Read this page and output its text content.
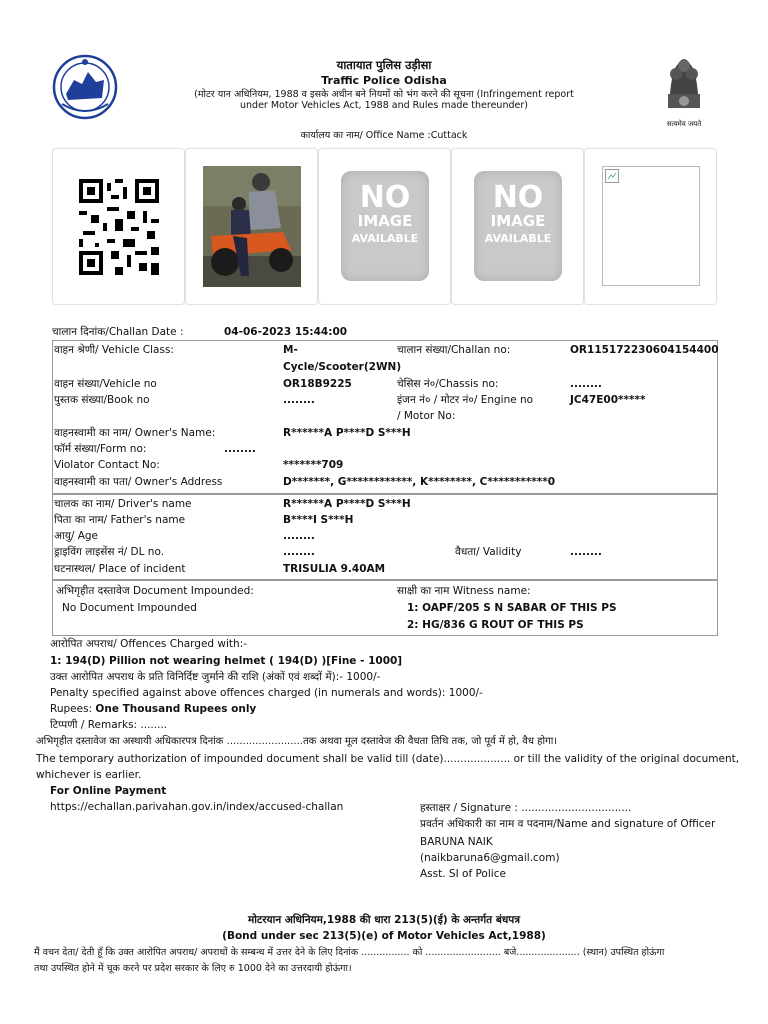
सत्यमेव जयते
यातायात पुलिस उड़ीसा
Traffic Police Odisha
(मोटर यान अधिनियम, 1988 व इसके अधीन बने नियमों को भंग करने की सूचना (Infringement report
under Motor Vehicles Act, 1988 and Rules made thereunder)
कार्यालय का नाम/ Office Name :Cuttack
NO
IMAGE
AVAILABLE
NO
IMAGE
AVAILABLE
चालान दिनांक/Challan Date :	04-06-2023 15:44:00
वाहन श्रेणी/ Vehicle Class:	M-
Cycle/Scooter(2WN)
चालान संख्या/Challan no:	OR11517223060415440​0
वाहन संख्या/Vehicle no	OR18B9225	चेसिस नं०/Chassis no:	........
पुस्तक संख्या/Book no	........	इंजन नं० / मोटर नं०/ Engine no
/ Motor No:
JC47E00*****
वाहनस्वामी का नाम/ Owner's Name:	R******A P****D S***H
फॉर्म संख्या/Form no:	........
Violator Contact No:	*******709
वाहनस्वामी का पता/ Owner's Address	D*******, G************, K********, C***********0
चालक का नाम/ Driver's name	R******A P****D S***H
पिता का नाम/ Father's name	B****I S***H
आयु/ Age	........
ड्राइविंग लाइसेंस नं/ DL no.	........	वैधता/ Validity	........
घटनास्थल/ Place of incident	TRISULIA 9.40AM
अभिगृहीत दस्तावेज Document Impounded:
No Document Impounded
साक्षी का नाम Witness name:
1: OAPF/205 S N SABAR OF THIS PS
2: HG/836 G ROUT OF THIS PS
आरोपित अपराध/ Offences Charged with:-
1: 194(D) Pillion not wearing helmet ( 194(D) )[Fine - 1000]
उक्त आरोपित अपराध के प्रति विनिर्दिष्ट जुर्माने की राशि (अंकों एवं शब्दों में):- 1000/-
Penalty specified against above offences charged (in numerals and words): 1000/-
Rupees: One Thousand Rupees only
टिप्पणी / Remarks: ........
अभिगृहीत दस्तावेज का अस्थायी अधिकारपत्र दिनांक ........................तक अथवा मूल दस्तावेज की वैधता तिथि तक, जो पूर्व में हो, वैध होगा।
The temporary authorization of impounded document shall be valid till (date).................... or till the validity of the original document,
whichever is earlier.
For Online Payment
https://echallan.parivahan.gov.in/index/accused-challan	हस्ताक्षर / Signature : .................................
प्रवर्तन अधिकारी का नाम व पदनाम/Name and signature of Officer
BARUNA NAIK
(naikbaruna6@gmail.com)
Asst. SI of Police
मोटरयान अधिनियम,1988 की धारा 213(5)(ई) के अन्तर्गत बंधपत्र
(Bond under sec 213(5)(e) of Motor Vehicles Act,1988)
मैं वचन देता/ देती हूँ कि उक्त आरोपित अपराध/ अपराधों के सम्बन्ध में उत्तर देने के लिए दिनांक ................ को ......................... बजे..................... (स्थान) उपस्थित होऊंगा
तथा उपस्थित होने में चूक करने पर प्रदेश सरकार के लिए रु 1000 देने का उत्तरदायी होऊंगा।
